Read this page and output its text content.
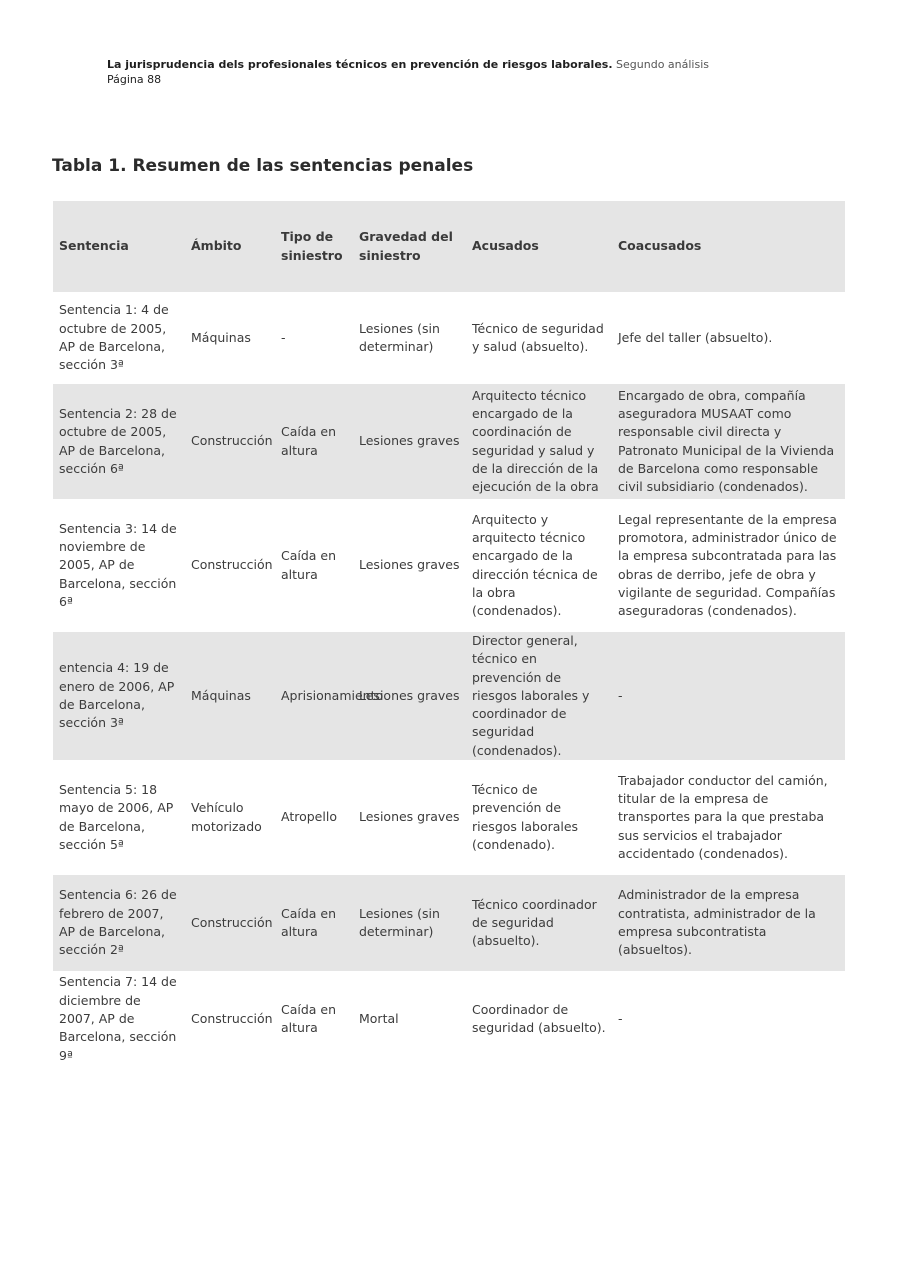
La jurisprudencia dels profesionales técnicos en prevención de riesgos laborales. Segundo análisis
Página 88
Tabla 1. Resumen de las sentencias penales
Sentencia	Ámbito	Tipo de siniestro	Gravedad del siniestro	Acusados	Coacusados
Sentencia 1: 4 de octubre de 2005, AP de Barcelona, sección 3ª	Máquinas	-	Lesiones (sin determinar)	Técnico de seguridad y salud (absuelto).	Jefe del taller (absuelto).
Sentencia 2: 28 de octubre de 2005, AP de Barcelona, sección 6ª	Construcción	Caída en altura	Lesiones graves	Arquitecto técnico encargado de la coordinación de seguridad y salud y de la dirección de la ejecución de la obra	Encargado de obra, compañía aseguradora MUSAAT como responsable civil directa y Patronato Municipal de la Vivienda de Barcelona como responsable civil subsidiario (condenados).
Sentencia 3: 14 de noviembre de 2005, AP de Barcelona, sección 6ª	Construcción	Caída en altura	Lesiones graves	Arquitecto y arquitecto técnico encargado de la dirección técnica de la obra (condenados).	Legal representante de la empresa promotora, administrador único de la empresa subcontratada para las obras de derribo, jefe de obra y vigilante de seguridad. Compañías aseguradoras (condenados).
entencia 4: 19 de enero de 2006, AP de Barcelona, sección 3ª	Máquinas	Aprisionamiento	Lesiones graves	Director general, técnico en prevención de riesgos laborales y coordinador de seguridad (condenados).	-
Sentencia 5: 18 mayo de 2006, AP de Barcelona, sección 5ª	Vehículo motorizado	Atropello	Lesiones graves	Técnico de prevención de riesgos laborales (condenado).	Trabajador conductor del camión, titular de la empresa de transportes para la que prestaba sus servicios el trabajador accidentado (condenados).
Sentencia 6: 26 de febrero de 2007, AP de Barcelona, sección 2ª	Construcción	Caída en altura	Lesiones (sin determinar)	Técnico coordinador de seguridad (absuelto).	Administrador de la empresa contratista, administrador de la empresa subcontratista (absueltos).
Sentencia 7: 14 de diciembre de 2007, AP de Barcelona, sección 9ª	Construcción	Caída en altura	Mortal	Coordinador de seguridad (absuelto).	-
